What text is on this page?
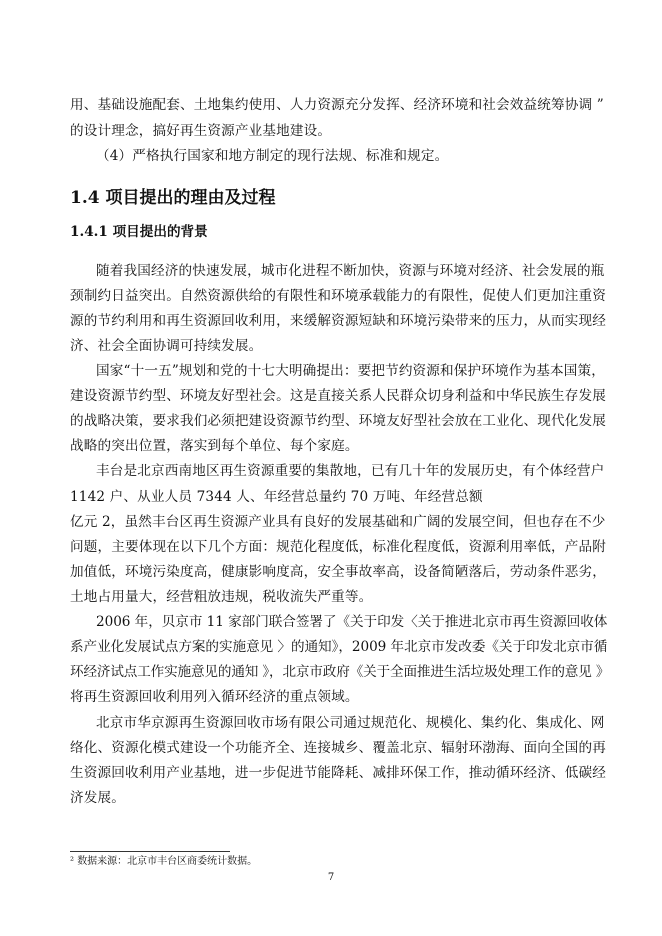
用、基础设施配套、土地集约使用、人力资源充分发挥、经济环境和社会效益统筹协调 ”

的设计理念，搞好再生资源产业基地建设。

（4）严格执行国家和地方制定的现行法规、标准和规定。

1.4 项目提出的理由及过程
1.4.1 项目提出的背景

随着我国经济的快速发展，城市化进程不断加快，资源与环境对经济、社会发展的瓶

颈制约日益突出。自然资源供给的有限性和环境承载能力的有限性，促使人们更加注重资

源的节约利用和再生资源回收利用，来缓解资源短缺和环境污染带来的压力，从而实现经

济、社会全面协调可持续发展。

国家“十一五”规划和党的十七大明确提出：要把节约资源和保护环境作为基本国策，

建设资源节约型、环境友好型社会。这是直接关系人民群众切身利益和中华民族生存发展

的战略决策，要求我们必须把建设资源节约型、环境友好型社会放在工业化、现代化发展

战略的突出位置，落实到每个单位、每个家庭。

丰台是北京西南地区再生资源重要的集散地，已有几十年的发展历史，有个体经营户

1142 户、从业人员 7344 人、年经营总量约 70 万吨、年经营总额

亿元 2，虽然丰台区再生资源产业具有良好的发展基础和广阔的发展空间，但也存在不少

问题，主要体现在以下几个方面：规范化程度低，标准化程度低，资源利用率低，产品附

加值低，环境污染度高，健康影响度高，安全事故率高，设备简陋落后，劳动条件恶劣，

土地占用量大，经营粗放违规，税收流失严重等。

2006 年，贝京市 11 家部门联合签署了《关于印发〈关于推进北京市再生资源回收体

系产业化发展试点方案的实施意见 〉的通知》，2009 年北京市发改委《关于印发北京市循

环经济试点工作实施意见的通知 》，北京市政府《关于全面推进生活垃圾处理工作的意见 》

将再生资源回收利用列入循环经济的重点领域。

北京市华京源再生资源回收市场有限公司通过规范化、规模化、集约化、集成化、网

络化、资源化模式建设一个功能齐全、连接城乡、覆盖北京、辐射环渤海、面向全国的再

生资源回收利用产业基地，进一步促进节能降耗、减排环保工作，推动循环经济、低碳经

济发展。

² 数据来源：北京市丰台区商委统计数据。

7
